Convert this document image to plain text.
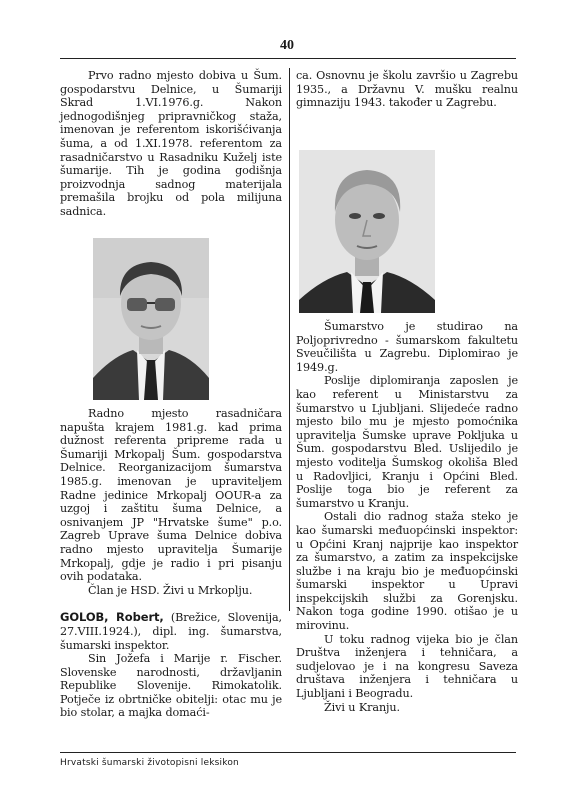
40

Prvo radno mjesto dobiva u Šum. gospodarstvu Delnice, u Šumariji Skrad 1.VI.1976.g. Nakon jednogodišnjeg pripravničkog staža, imenovan je referentom iskorišćivanja šuma, a od 1.XI.1978. referentom za rasadničarstvo u Rasadniku Kuželj iste šumarije. Tih je godina godišnja proizvodnja sadnog materijala premašila brojku od pola milijuna sadnica.

Radno mjesto rasadničara napušta krajem 1981.g. kad prima dužnost referenta pripreme rada u Šumariji Mrkopalj Šum. gospodarstva Delnice. Reorganizacijom šumarstva 1985.g. imenovan je upraviteljem Radne jedinice Mrkopalj OOUR-a za uzgoj i zaštitu šuma Delnice, a osnivanjem JP "Hrvatske šume" p.o. Zagreb Uprave šuma Delnice dobiva radno mjesto upravitelja Šumarije Mrkopalj, gdje je radio i pri pisanju ovih podataka.

Član je HSD. Živi u Mrkoplju.

GOLOB, Robert, (Brežice, Slovenija, 27.VIII.1924.), dipl. ing. šumarstva, šumarski inspektor.

Sin Jožefa i Marije r. Fischer. Slovenske narodnosti, državljanin Republike Slovenije. Rimokatolik. Potječe iz obrtničke obitelji: otac mu je bio stolar, a majka domaći-

ca. Osnovnu je školu završio u Zagrebu 1935., a Državnu V. mušku realnu gimnaziju 1943. također u Zagrebu.

Šumarstvo je studirao na Poljoprivredno - šumarskom fakultetu Sveučilišta u Zagrebu. Diplomirao je 1949.g.

Poslije diplomiranja zaposlen je kao referent u Ministarstvu za šumarstvo u Ljubljani. Slijedeće radno mjesto bilo mu je mjesto pomoćnika upravitelja Šumske uprave Pokljuka u Šum. gospodarstvu Bled. Uslijedilo je mjesto voditelja Šumskog okoliša Bled u Radovljici, Kranju i Općini Bled. Poslije toga bio je referent za šumarstvo u Kranju.

Ostali dio radnog staža steko je kao šumarski međuopćinski inspektor: u Općini Kranj najprije kao inspektor za šumarstvo, a zatim za inspekcijske službe i na kraju bio je međuopćinski šumarski inspektor u Upravi inspekcijskih službi za Gorenjsku. Nakon toga godine 1990. otišao je u mirovinu.

U toku radnog vijeka bio je član Društva inženjera i tehničara, a sudjelovao je i na kongresu Saveza društava inženjera i tehničara u Ljubljani i Beogradu.

Živi u Kranju.

Hrvatski šumarski životopisni leksikon
